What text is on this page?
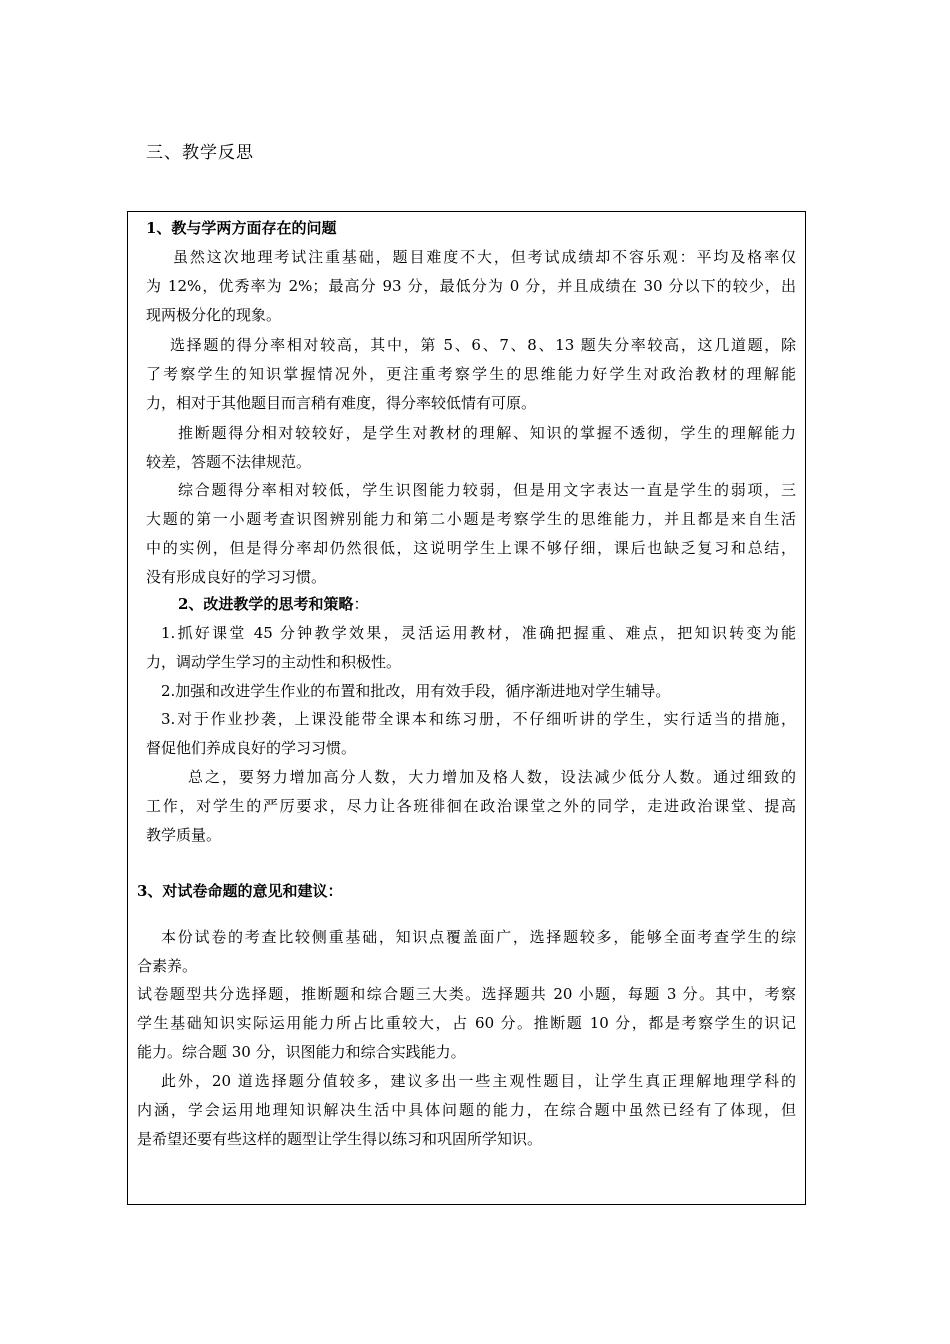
三、教学反思
1、教与学两方面存在的问题
虽然这次地理考试注重基础，题目难度不大，但考试成绩却不容乐观：平均及格率仅
为 12%，优秀率为 2%；最高分 93 分，最低分为 0 分，并且成绩在 30 分以下的较少，出
现两极分化的现象。
选择题的得分率相对较高，其中，第 5、6、7、8、13 题失分率较高，这几道题，除
了考察学生的知识掌握情况外，更注重考察学生的思维能力好学生对政治教材的理解能
力，相对于其他题目而言稍有难度，得分率较低情有可原。
推断题得分相对较较好，是学生对教材的理解、知识的掌握不透彻，学生的理解能力
较差，答题不法律规范。
综合题得分率相对较低，学生识图能力较弱，但是用文字表达一直是学生的弱项，三
大题的第一小题考查识图辨别能力和第二小题是考察学生的思维能力，并且都是来自生活
中的实例，但是得分率却仍然很低，这说明学生上课不够仔细，课后也缺乏复习和总结，
没有形成良好的学习习惯。
2、改进教学的思考和策略：
1.抓好课堂 45 分钟教学效果，灵活运用教材，准确把握重、难点，把知识转变为能
力，调动学生学习的主动性和积极性。
2.加强和改进学生作业的布置和批改，用有效手段，循序渐进地对学生辅导。
3.对于作业抄袭，上课没能带全课本和练习册，不仔细听讲的学生，实行适当的措施，
督促他们养成良好的学习习惯。
总之，要努力增加高分人数，大力增加及格人数，设法减少低分人数。通过细致的
工作，对学生的严厉要求，尽力让各班徘徊在政治课堂之外的同学，走进政治课堂、提高
教学质量。
3、对试卷命题的意见和建议：
本份试卷的考查比较侧重基础，知识点覆盖面广，选择题较多，能够全面考查学生的综
合素养。
试卷题型共分选择题，推断题和综合题三大类。选择题共 20 小题，每题 3 分。其中，考察
学生基础知识实际运用能力所占比重较大，占 60 分。推断题 10 分，都是考察学生的识记
能力。综合题 30 分，识图能力和综合实践能力。
此外，20 道选择题分值较多，建议多出一些主观性题目，让学生真正理解地理学科的
内涵，学会运用地理知识解决生活中具体问题的能力，在综合题中虽然已经有了体现，但
是希望还要有些这样的题型让学生得以练习和巩固所学知识。
